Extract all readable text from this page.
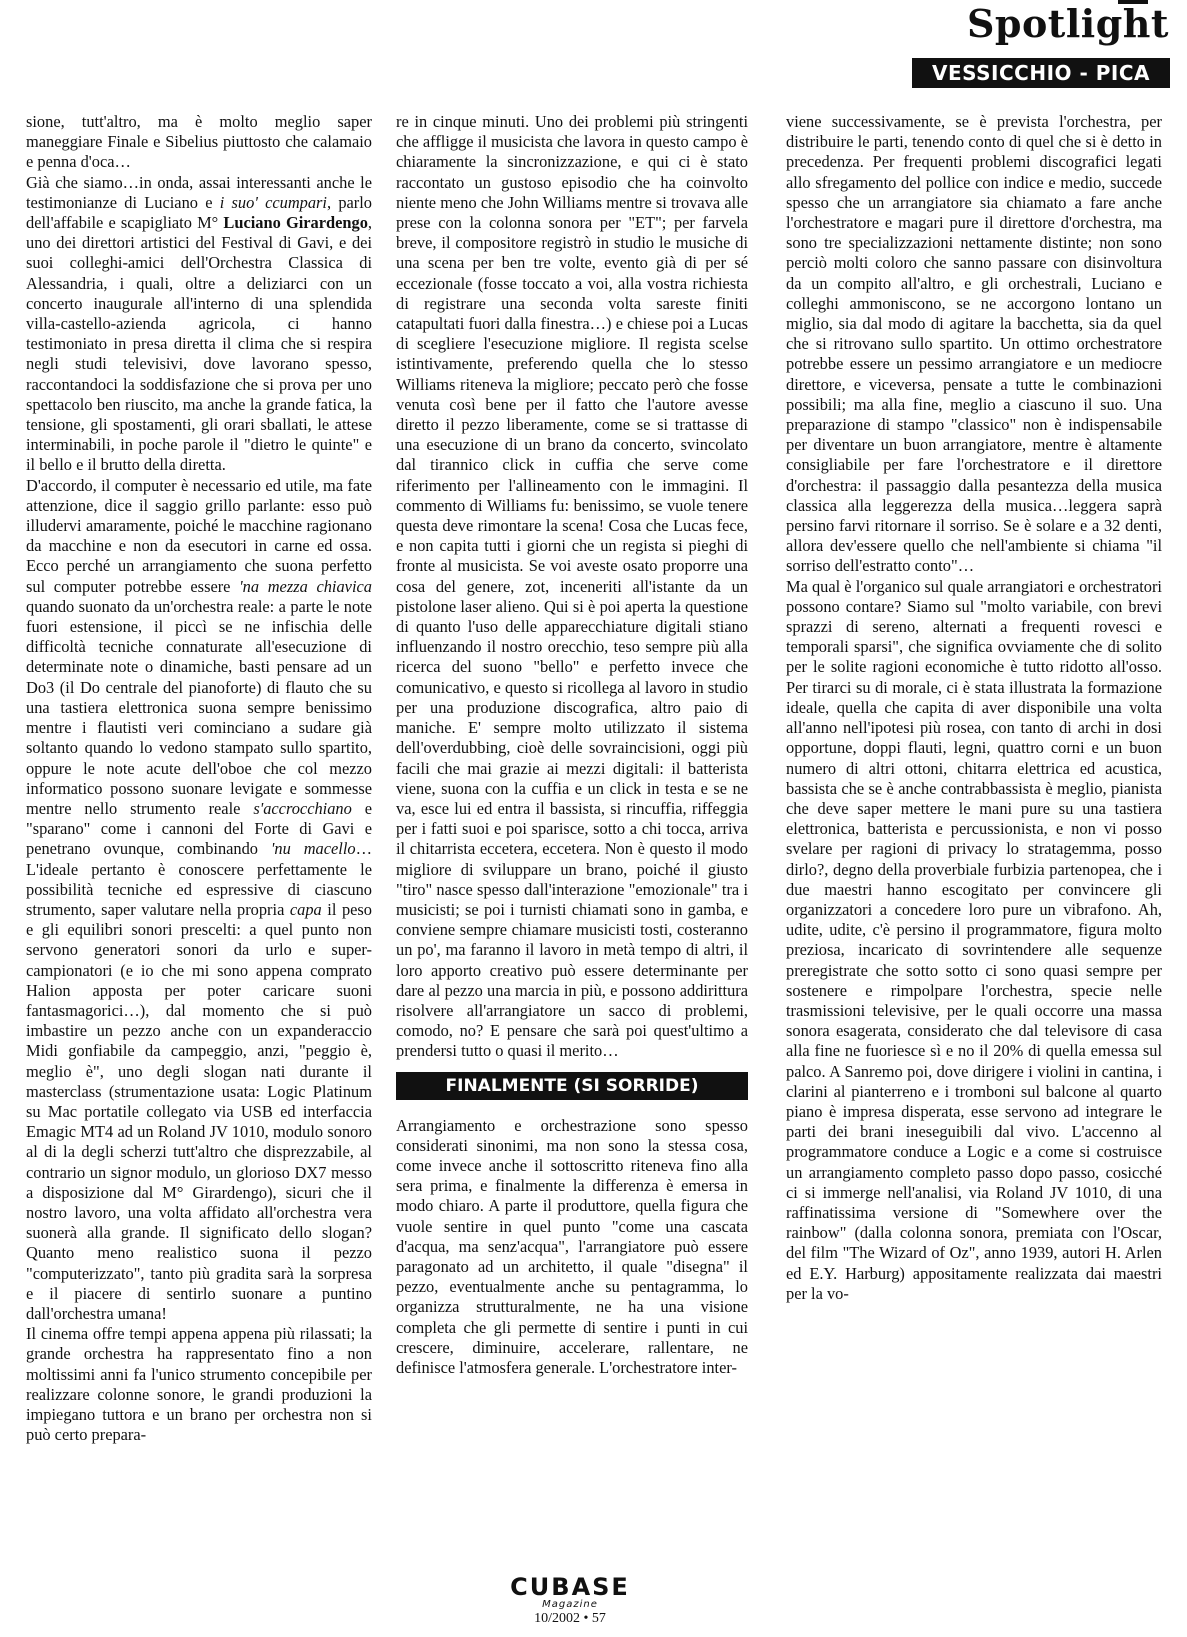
Spotlight
VESSICCHIO - PICA

sione, tutt'altro, ma è molto meglio saper maneggiare Finale e Sibelius piuttosto che calamaio e penna d'oca…

Già che siamo…in onda, assai interessanti anche le testimonianze di Luciano e i suo' ccumpari, parlo dell'affabile e scapigliato M° Luciano Girardengo, uno dei direttori artistici del Festival di Gavi, e dei suoi colleghi-amici dell'Orchestra Classica di Alessandria, i quali, oltre a deliziarci con un concerto inaugurale all'interno di una splendida villa-castello-azienda agricola, ci hanno testimoniato in presa diretta il clima che si respira negli studi televisivi, dove lavorano spesso, raccontandoci la soddisfazione che si prova per uno spettacolo ben riuscito, ma anche la grande fatica, la tensione, gli spostamenti, gli orari sballati, le attese interminabili, in poche parole il "dietro le quinte" e il bello e il brutto della diretta.

D'accordo, il computer è necessario ed utile, ma fate attenzione, dice il saggio grillo parlante: esso può illudervi amaramente, poiché le macchine ragionano da macchine e non da esecutori in carne ed ossa. Ecco perché un arrangiamento che suona perfetto sul computer potrebbe essere 'na mezza chiavica quando suonato da un'orchestra reale: a parte le note fuori estensione, il piccì se ne infischia delle difficoltà tecniche connaturate all'esecuzione di determinate note o dinamiche, basti pensare ad un Do3 (il Do centrale del pianoforte) di flauto che su una tastiera elettronica suona sempre benissimo mentre i flautisti veri cominciano a sudare già soltanto quando lo vedono stampato sullo spartito, oppure le note acute dell'oboe che col mezzo informatico possono suonare levigate e sommesse mentre nello strumento reale s'accrocchiano e "sparano" come i cannoni del Forte di Gavi e penetrano ovunque, combinando 'nu macello…L'ideale pertanto è conoscere perfettamente le possibilità tecniche ed espressive di ciascuno strumento, saper valutare nella propria capa il peso e gli equilibri sonori prescelti: a quel punto non servono generatori sonori da urlo e super-campionatori (e io che mi sono appena comprato Halion apposta per poter caricare suoni fantasmagorici…), dal momento che si può imbastire un pezzo anche con un expanderaccio Midi gonfiabile da campeggio, anzi, "peggio è, meglio è", uno degli slogan nati durante il masterclass (strumentazione usata: Logic Platinum su Mac portatile collegato via USB ed interfaccia Emagic MT4 ad un Roland JV 1010, modulo sonoro al di la degli scherzi tutt'altro che disprezzabile, al contrario un signor modulo, un glorioso DX7 messo a disposizione dal M° Girardengo), sicuri che il nostro lavoro, una volta affidato all'orchestra vera suonerà alla grande. Il significato dello slogan? Quanto meno realistico suona il pezzo "computerizzato", tanto più gradita sarà la sorpresa e il piacere di sentirlo suonare a puntino dall'orchestra umana!

Il cinema offre tempi appena appena più rilassati; la grande orchestra ha rappresentato fino a non moltissimi anni fa l'unico strumento concepibile per realizzare colonne sonore, le grandi produzioni la impiegano tuttora e un brano per orchestra non si può certo prepara-

re in cinque minuti. Uno dei problemi più stringenti che affligge il musicista che lavora in questo campo è chiaramente la sincronizzazione, e qui ci è stato raccontato un gustoso episodio che ha coinvolto niente meno che John Williams mentre si trovava alle prese con la colonna sonora per "ET"; per farvela breve, il compositore registrò in studio le musiche di una scena per ben tre volte, evento già di per sé eccezionale (fosse toccato a voi, alla vostra richiesta di registrare una seconda volta sareste finiti catapultati fuori dalla finestra…) e chiese poi a Lucas di scegliere l'esecuzione migliore. Il regista scelse istintivamente, preferendo quella che lo stesso Williams riteneva la migliore; peccato però che fosse venuta così bene per il fatto che l'autore avesse diretto il pezzo liberamente, come se si trattasse di una esecuzione di un brano da concerto, svincolato dal tirannico click in cuffia che serve come riferimento per l'allineamento con le immagini. Il commento di Williams fu: benissimo, se vuole tenere questa deve rimontare la scena! Cosa che Lucas fece, e non capita tutti i giorni che un regista si pieghi di fronte al musicista. Se voi aveste osato proporre una cosa del genere, zot, inceneriti all'istante da un pistolone laser alieno. Qui si è poi aperta la questione di quanto l'uso delle apparecchiature digitali stiano influenzando il nostro orecchio, teso sempre più alla ricerca del suono "bello" e perfetto invece che comunicativo, e questo si ricollega al lavoro in studio per una produzione discografica, altro paio di maniche. E' sempre molto utilizzato il sistema dell'overdubbing, cioè delle sovraincisioni, oggi più facili che mai grazie ai mezzi digitali: il batterista viene, suona con la cuffia e un click in testa e se ne va, esce lui ed entra il bassista, si rincuffia, riffeggia per i fatti suoi e poi sparisce, sotto a chi tocca, arriva il chitarrista eccetera, eccetera. Non è questo il modo migliore di sviluppare un brano, poiché il giusto "tiro" nasce spesso dall'interazione "emozionale" tra i musicisti; se poi i turnisti chiamati sono in gamba, e conviene sempre chiamare musicisti tosti, costeranno un po', ma faranno il lavoro in metà tempo di altri, il loro apporto creativo può essere determinante per dare al pezzo una marcia in più, e possono addirittura risolvere all'arrangiatore un sacco di problemi, comodo, no? E pensare che sarà poi quest'ultimo a prendersi tutto o quasi il merito…

FINALMENTE (SI SORRIDE)

Arrangiamento e orchestrazione sono spesso considerati sinonimi, ma non sono la stessa cosa, come invece anche il sottoscritto riteneva fino alla sera prima, e finalmente la differenza è emersa in modo chiaro. A parte il produttore, quella figura che vuole sentire in quel punto "come una cascata d'acqua, ma senz'acqua", l'arrangiatore può essere paragonato ad un architetto, il quale "disegna" il pezzo, eventualmente anche su pentagramma, lo organizza strutturalmente, ne ha una visione completa che gli permette di sentire i punti in cui crescere, diminuire, accelerare, rallentare, ne definisce l'atmosfera generale. L'orchestratore inter-

viene successivamente, se è prevista l'orchestra, per distribuire le parti, tenendo conto di quel che si è detto in precedenza. Per frequenti problemi discografici legati allo sfregamento del pollice con indice e medio, succede spesso che un arrangiatore sia chiamato a fare anche l'orchestratore e magari pure il direttore d'orchestra, ma sono tre specializzazioni nettamente distinte; non sono perciò molti coloro che sanno passare con disinvoltura da un compito all'altro, e gli orchestrali, Luciano e colleghi ammoniscono, se ne accorgono lontano un miglio, sia dal modo di agitare la bacchetta, sia da quel che si ritrovano sullo spartito. Un ottimo orchestratore potrebbe essere un pessimo arrangiatore e un mediocre direttore, e viceversa, pensate a tutte le combinazioni possibili; ma alla fine, meglio a ciascuno il suo. Una preparazione di stampo "classico" non è indispensabile per diventare un buon arrangiatore, mentre è altamente consigliabile per fare l'orchestratore e il direttore d'orchestra: il passaggio dalla pesantezza della musica classica alla leggerezza della musica…leggera saprà persino farvi ritornare il sorriso. Se è solare e a 32 denti, allora dev'essere quello che nell'ambiente si chiama "il sorriso dell'estratto conto"…

Ma qual è l'organico sul quale arrangiatori e orchestratori possono contare? Siamo sul "molto variabile, con brevi sprazzi di sereno, alternati a frequenti rovesci e temporali sparsi", che significa ovviamente che di solito per le solite ragioni economiche è tutto ridotto all'osso. Per tirarci su di morale, ci è stata illustrata la formazione ideale, quella che capita di aver disponibile una volta all'anno nell'ipotesi più rosea, con tanto di archi in dosi opportune, doppi flauti, legni, quattro corni e un buon numero di altri ottoni, chitarra elettrica ed acustica, bassista che se è anche contrabbassista è meglio, pianista che deve saper mettere le mani pure su una tastiera elettronica, batterista e percussionista, e non vi posso svelare per ragioni di privacy lo stratagemma, posso dirlo?, degno della proverbiale furbizia partenopea, che i due maestri hanno escogitato per convincere gli organizzatori a concedere loro pure un vibrafono. Ah, udite, udite, c'è persino il programmatore, figura molto preziosa, incaricato di sovrintendere alle sequenze preregistrate che sotto sotto ci sono quasi sempre per sostenere e rimpolpare l'orchestra, specie nelle trasmissioni televisive, per le quali occorre una massa sonora esagerata, considerato che dal televisore di casa alla fine ne fuoriesce sì e no il 20% di quella emessa sul palco. A Sanremo poi, dove dirigere i violini in cantina, i clarini al pianterreno e i tromboni sul balcone al quarto piano è impresa disperata, esse servono ad integrare le parti dei brani ineseguibili dal vivo. L'accenno al programmatore conduce a Logic e a come si costruisce un arrangiamento completo passo dopo passo, cosicché ci si immerge nell'analisi, via Roland JV 1010, di una raffinatissima versione di "Somewhere over the rainbow" (dalla colonna sonora, premiata con l'Oscar, del film "The Wizard of Oz", anno 1939, autori H. Arlen ed E.Y. Harburg) appositamente realizzata dai maestri per la vo-

CUBASE
Magazine
10/2002 • 57
